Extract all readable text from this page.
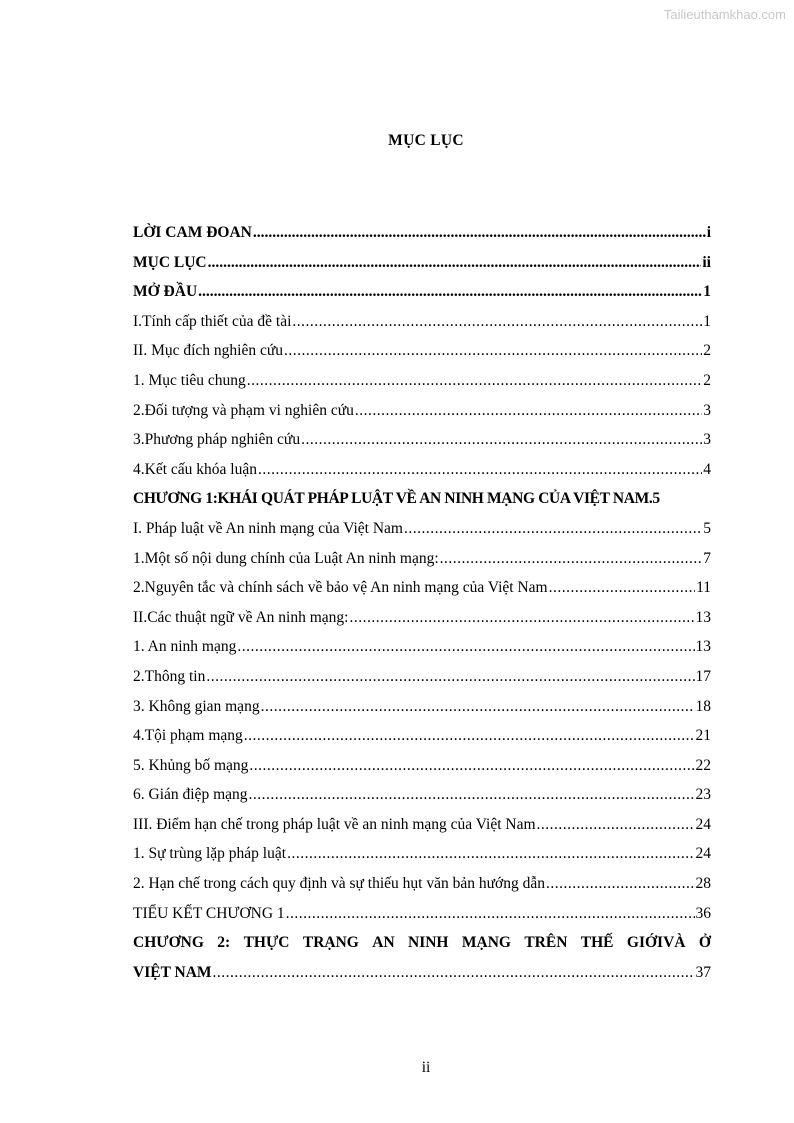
Tailieuthamkhao.com
MỤC LỤC
LỜI CAM ĐOAN .....	i
MỤC LỤC .....	ii
MỞ ĐẦU .....	1
I.Tính cấp thiết của đề tài .....	1
II. Mục đích nghiên cứu .....	2
1. Mục tiêu chung .....	2
2.Đối tượng và phạm vi nghiên cứu .....	3
3.Phương pháp nghiên cứu .....	3
4.Kết cấu khóa luận .....	4
CHƯƠNG 1:KHÁI QUÁT PHÁP LUẬT VỀ AN NINH MẠNG CỦA VIỆT NAM.5
I. Pháp luật về An ninh mạng của Việt Nam .....	5
1.Một số nội dung chính của Luật An ninh mạng: .....	7
2.Nguyên tắc và chính sách về bảo vệ An ninh mạng của Việt Nam .....	11
II.Các thuật ngữ về An ninh mạng: .....	13
1. An ninh mạng .....	13
2.Thông tin .....	17
3. Không gian mạng .....	18
4.Tội phạm mạng .....	21
5. Khủng bố mạng .....	22
6. Gián điệp mạng .....	23
III. Điểm hạn chế trong pháp luật về an ninh mạng của Việt Nam .....	24
1. Sự trùng lặp pháp luật .....	24
2. Hạn chế trong cách quy định và sự thiếu hụt văn bản hướng dẫn .....	28
TIỂU KẾT CHƯƠNG 1 .....	36
CHƯƠNG 2: THỰC TRẠNG AN NINH MẠNG TRÊN THẾ GIỚIVÀ Ở
VIỆT NAM .....	37
ii
